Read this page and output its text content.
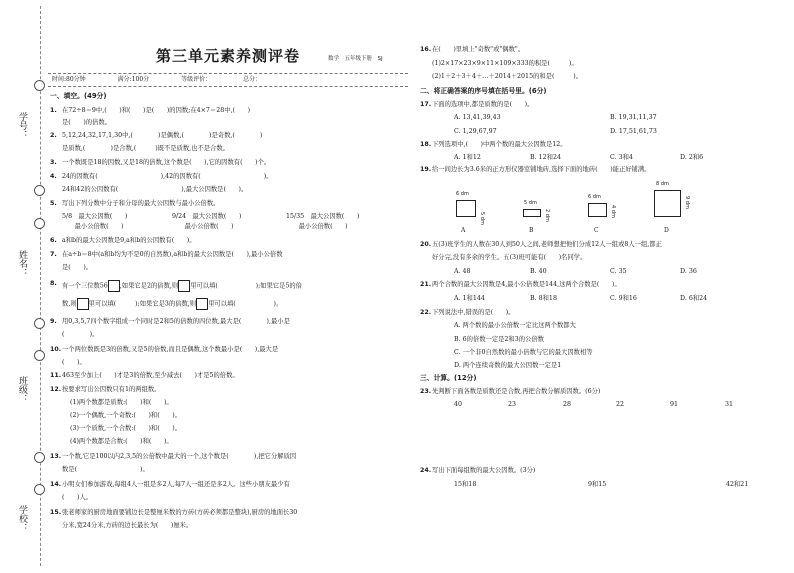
学号：
姓名：
班级：
学校：
第三单元素养测评卷	数学　五年级下册　SJ
时间:80分钟	满分:100分	等级评价：	总分：
一、填空。(49分)
1. 在72÷8＝9中,(　　)和(　　)是(　　)的因数;在4×7＝28中,(　　)
是(　　)的倍数。
2. 5,12,24,32,17,1,30中,(　　　　)是偶数,(　　　　)是奇数,(　　　　)
是质数,(　　　　)是合数,(　　　)既不是质数,也不是合数。
3. 一个数既是18的因数,又是18的倍数,这个数是(　　),它的因数有(　　)个。
4. 24的因数有(　　　　　　　　　　),42的因数有(　　　　　　　　　　)。
24和42的公因数有(　　　　　　　　　　),最大公因数是(　　)。
5. 写出下列分数中分子和分母的最大公因数与最小公倍数。
5/8　最大公因数(　　)	9/24　最大公因数(　　)	15/35　最大公因数(　　)
　　最小公倍数(　　)	　　最小公倍数(　　)	　　最小公倍数(　　)
6. a和b的最大公因数是9,a和b的公因数有(　　)。
7. 在a÷b＝8中(a和b均为不是0的自然数),a和b的最大公因数是(　　),最小公倍数
是(　　)。
8. 有一个三位数56 ,如果它是2的倍数,则 里可以填(　　　　　　);如果它是5的倍
数,则 里可以填(　　　);如果它是3的倍数,则 里可以填(　　　　　　)。
9. 用0,3,5,7四个数字组成一个同时是2和5的倍数的四位数,最大是(　　　　),最小是
(　　　　)。
10. 一个两位数既是3的倍数,又是5的倍数,而且是偶数,这个数最小是(　　),最大是
(　　)。
11. 463至少加上(　　)才是3的倍数,至少减去(　　)才是5的倍数。
12. 按要求写出公因数只有1的两组数。
(1)两个数都是质数:(　　)和(　　)。
(2)一个偶数,一个奇数:(　　)和(　　)。
(3)一个质数,一个合数:(　　)和(　　)。
(4)两个数都是合数:(　　)和(　　)。
13. 一个数,它是100以内2,3,5的公倍数中最大的一个,这个数是(　　　　),把它分解质因
数是(　　　　　　　　　　)。
14. 小明女们参加游戏,每组4人一组是多2人,每7人一组还是多2人。这些小朋友最少有
(　　)人。
15. 张老师家的厨房地面要铺边长是整厘米数的方砖(方砖必须都是整块),厨房的地面长30
分米,宽24分米,方砖的边长最长为(　　)厘米。
16. 在(　　)里填上"奇数"或"偶数"。
(1)2×17×23×9×11×109×333的积是(　　　)。
(2)1＋2＋3＋4＋…＋2014＋2015的和是(　　　)。
二、将正确答案的序号填在括号里。(6分)
17. 下面的选项中,都是质数的是(　　)。
A. 13,41,39,43	B. 19,31,11,37
C. 1,29,67,97	D. 17,51,61,73
18. 下列选项中,(　　)中两个数的最大公因数是12。
A. 1和12	B. 12和24	C. 3和4	D. 2和6
19. 给一间边长为3.6米的正方形仪器室铺地砖,选择下面的地砖(　　)能正好铺满。
6 dm
5 dm
A
5 dm
2 dm
B
6 dm
4 dm
C
8 dm
9 dm
D
20. 五(3)班学生的人数在30人到50人之间,老师想把他们分成12人一组或8人一组,都正
好分完,没有多余的学生。五(3)班可能有(　　)名同学。
A. 48	B. 40	C. 35	D. 36
21. 两个合数的最大公因数是4,最小公倍数是144,这两个合数是(　　)。
A. 1和144	B. 8和18	C. 9和16	D. 6和24
22. 下列说法中,错误的是(　　)。
A. 两个数的最小公倍数一定比这两个数都大
B. 6的倍数一定是2和3的公倍数
C. 一个非0自然数的最小倍数与它的最大因数相等
D. 两个连续奇数的最大公因数一定是1
三、计算。(12分)
23. 先判断下面各数是质数还是合数,再把合数分解质因数。(6分)
40	23	28	22	91	31
24. 写出下面每组数的最大公因数。(3分)
15和18	9和15	42和21
